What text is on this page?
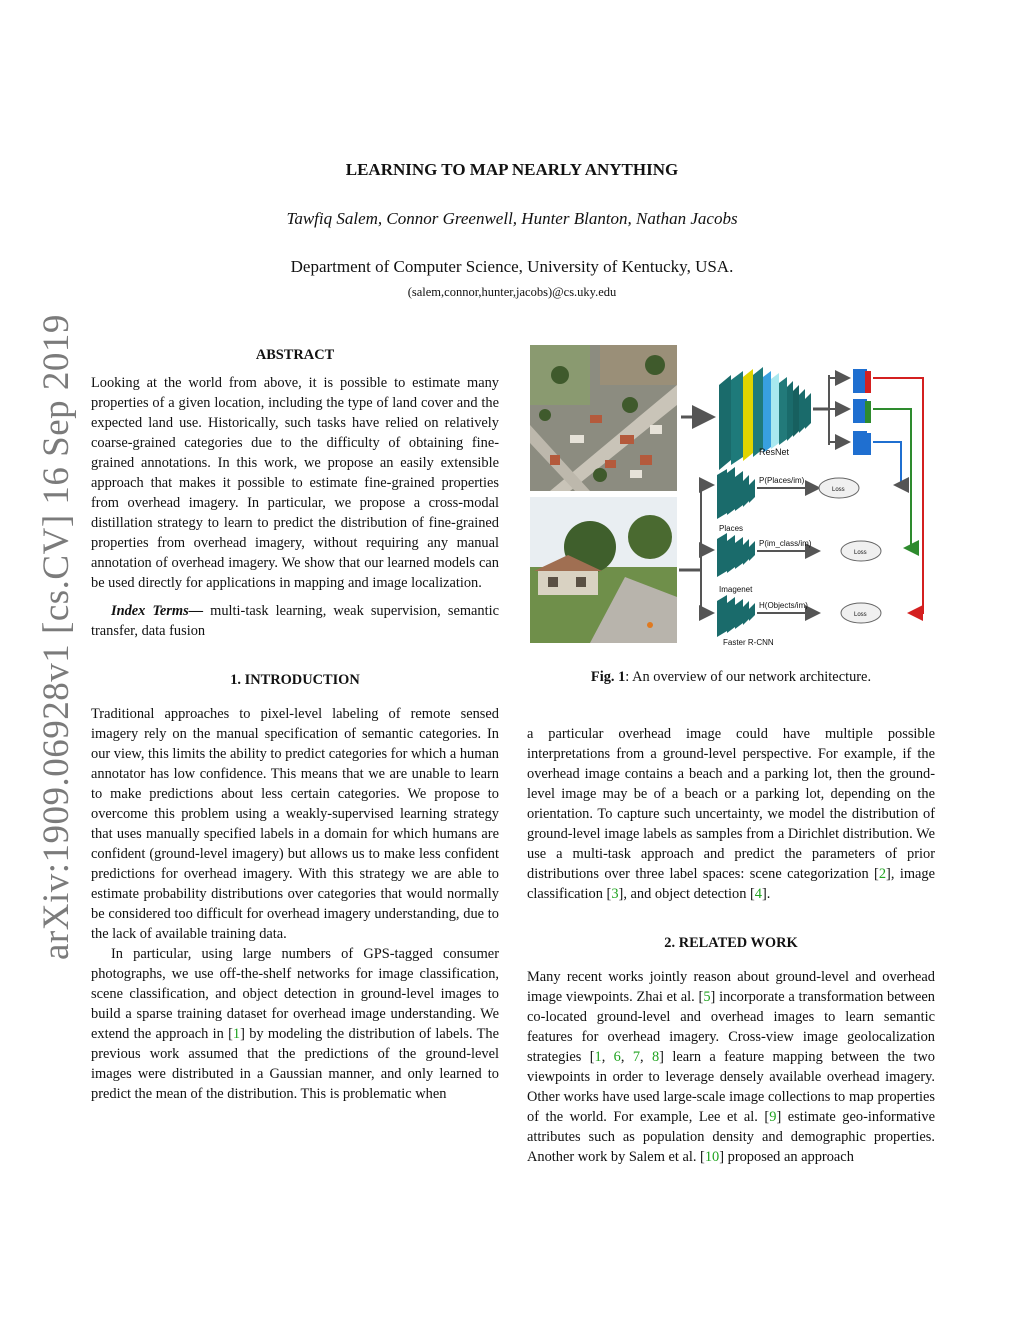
arXiv:1909.06928v1 [cs.CV] 16 Sep 2019
LEARNING TO MAP NEARLY ANYTHING
Tawfiq Salem, Connor Greenwell, Hunter Blanton, Nathan Jacobs
Department of Computer Science, University of Kentucky, USA.
(salem,connor,hunter,jacobs)@cs.uky.edu

ABSTRACT

Looking at the world from above, it is possible to estimate many properties of a given location, including the type of land cover and the expected land use. Historically, such tasks have relied on relatively coarse-grained categories due to the difficulty of obtaining fine-grained annotations. In this work, we propose an easily extensible approach that makes it possible to estimate fine-grained properties from overhead imagery. In particular, we propose a cross-modal distillation strategy to learn to predict the distribution of fine-grained properties from overhead imagery, without requiring any manual annotation of overhead imagery. We show that our learned models can be used directly for applications in mapping and image localization.

Index Terms— multi-task learning, weak supervision, semantic transfer, data fusion

1. INTRODUCTION

Traditional approaches to pixel-level labeling of remote sensed imagery rely on the manual specification of semantic categories. In our view, this limits the ability to predict categories for which a human annotator has low confidence. This means that we are unable to learn to make predictions about less certain categories. We propose to overcome this problem using a weakly-supervised learning strategy that uses manually specified labels in a domain for which humans are confident (ground-level imagery) but allows us to make less confident predictions for overhead imagery. With this strategy we are able to estimate probability distributions over categories that would normally be considered too difficult for overhead imagery understanding, due to the lack of available training data.

In particular, using large numbers of GPS-tagged consumer photographs, we use off-the-shelf networks for image classification, scene classification, and object detection in ground-level images to build a sparse training dataset for overhead image understanding. We extend the approach in [1] by modeling the distribution of labels. The previous work assumed that the predictions of the ground-level images were distributed in a Gaussian manner, and only learned to predict the mean of the distribution. This is problematic when

ResNet
Places
Imagenet
Faster R-CNN
P(Places/im)
P(im_class/im)
H(Objects/im)
Loss
Loss
Loss
Fig. 1: An overview of our network architecture.

a particular overhead image could have multiple possible interpretations from a ground-level perspective. For example, if the overhead image contains a beach and a parking lot, then the ground-level image may be of a beach or a parking lot, depending on the orientation. To capture such uncertainty, we model the distribution of ground-level image labels as samples from a Dirichlet distribution. We use a multi-task approach and predict the parameters of prior distributions over three label spaces: scene categorization [2], image classification [3], and object detection [4].

2. RELATED WORK

Many recent works jointly reason about ground-level and overhead image viewpoints. Zhai et al. [5] incorporate a transformation between co-located ground-level and overhead images to learn semantic features for overhead imagery. Cross-view image geolocalization strategies [1, 6, 7, 8] learn a feature mapping between the two viewpoints in order to leverage densely available overhead imagery. Other works have used large-scale image collections to map properties of the world. For example, Lee et al. [9] estimate geo-informative attributes such as population density and demographic properties. Another work by Salem et al. [10] proposed an approach
